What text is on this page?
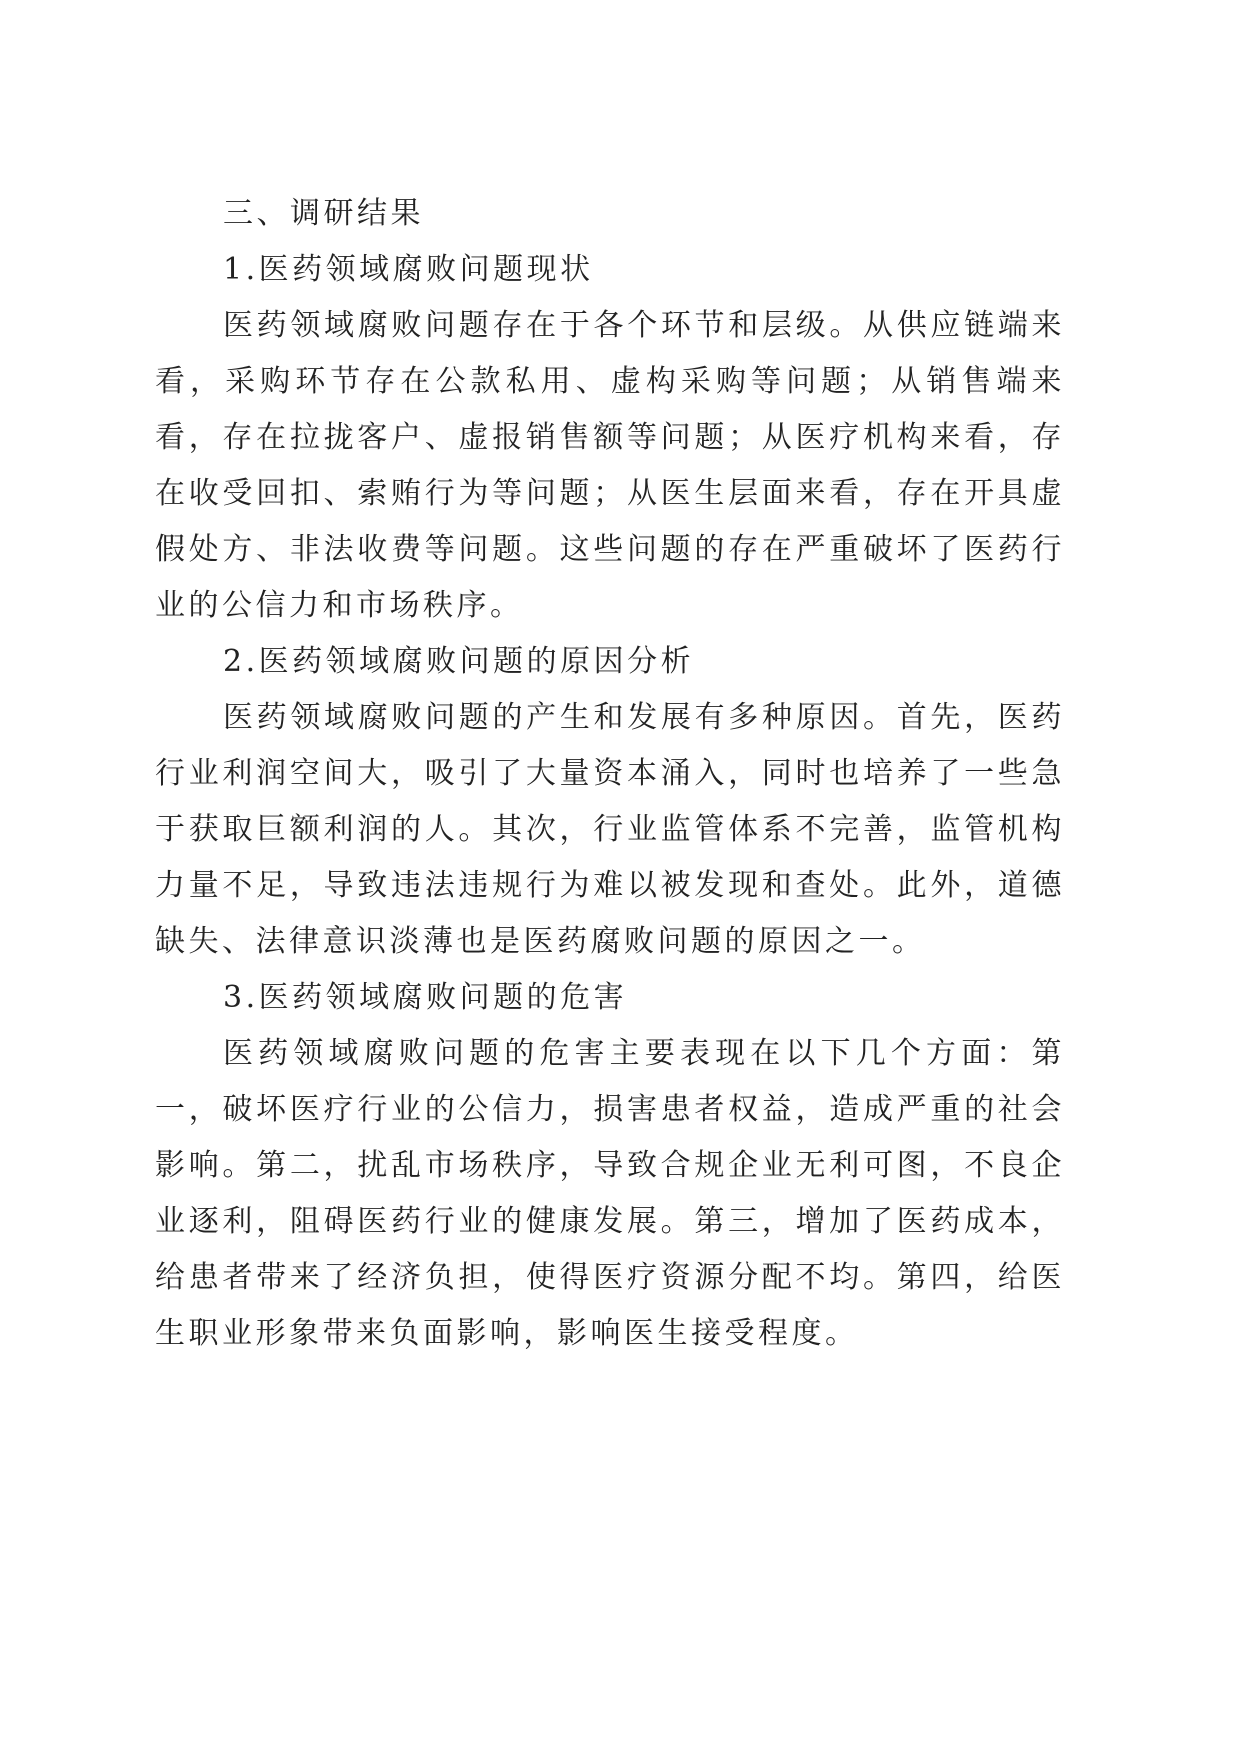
三、调研结果

1.医药领域腐败问题现状

医药领域腐败问题存在于各个环节和层级。从供应链端来看，采购环节存在公款私用、虚构采购等问题；从销售端来看，存在拉拢客户、虚报销售额等问题；从医疗机构来看，存在收受回扣、索贿行为等问题；从医生层面来看，存在开具虚假处方、非法收费等问题。这些问题的存在严重破坏了医药行业的公信力和市场秩序。

2.医药领域腐败问题的原因分析

医药领域腐败问题的产生和发展有多种原因。首先，医药行业利润空间大，吸引了大量资本涌入，同时也培养了一些急于获取巨额利润的人。其次，行业监管体系不完善，监管机构力量不足，导致违法违规行为难以被发现和查处。此外，道德缺失、法律意识淡薄也是医药腐败问题的原因之一。

3.医药领域腐败问题的危害

医药领域腐败问题的危害主要表现在以下几个方面：第一，破坏医疗行业的公信力，损害患者权益，造成严重的社会影响。第二，扰乱市场秩序，导致合规企业无利可图，不良企业逐利，阻碍医药行业的健康发展。第三，增加了医药成本，给患者带来了经济负担，使得医疗资源分配不均。第四，给医生职业形象带来负面影响，影响医生接受程度。
